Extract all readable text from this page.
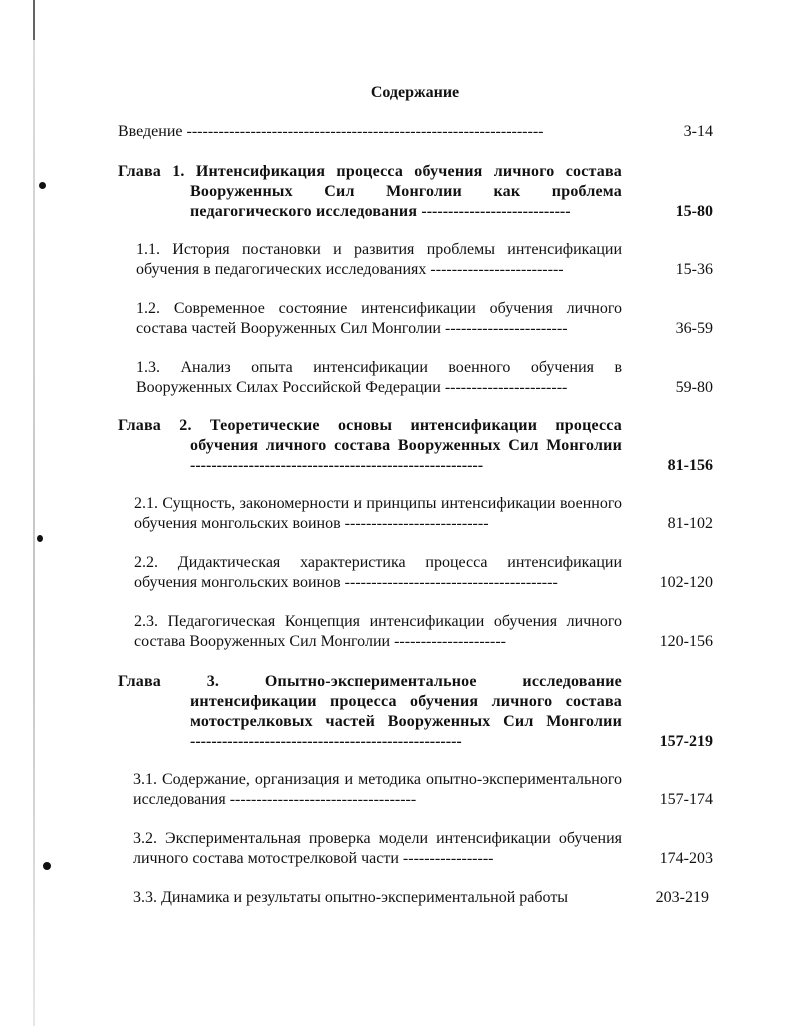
Содержание
Введение -------------------------------------------------------------------	3-14
Глава 1. Интенсификация процесса обучения личного состава Вооруженных Сил Монголии как проблема педагогического исследования ----------------------------	15-80
1.1. История постановки и развития проблемы интенсификации обучения в педагогических исследованиях -------------------------	15-36
1.2. Современное состояние интенсификации обучения личного состава частей Вооруженных Сил Монголии -----------------------	36-59
1.3. Анализ опыта интенсификации военного обучения в Вооруженных Силах Российской Федерации -----------------------	59-80
Глава 2. Теоретические основы интенсификации процесса обучения личного состава Вооруженных Сил Монголии -------------------------------------------------------	81-156
2.1. Сущность, закономерности и принципы интенсификации военного обучения монгольских воинов ---------------------------	81-102
2.2. Дидактическая характеристика процесса интенсификации обучения монгольских воинов ----------------------------------------	102-120
2.3. Педагогическая Концепция интенсификации обучения личного состава Вооруженных Сил Монголии ---------------------	120-156
Глава 3. Опытно-экспериментальное исследование интенсификации процесса обучения личного состава мотострелковых частей Вооруженных Сил Монголии ---------------------------------------------------	157-219
3.1. Содержание, организация и методика опытно-экспериментального исследования -----------------------------------	157-174
3.2. Экспериментальная проверка модели интенсификации обучения личного состава мотострелковой части -----------------	174-203
3.3. Динамика и результаты опытно-экспериментальной работы	203-219
